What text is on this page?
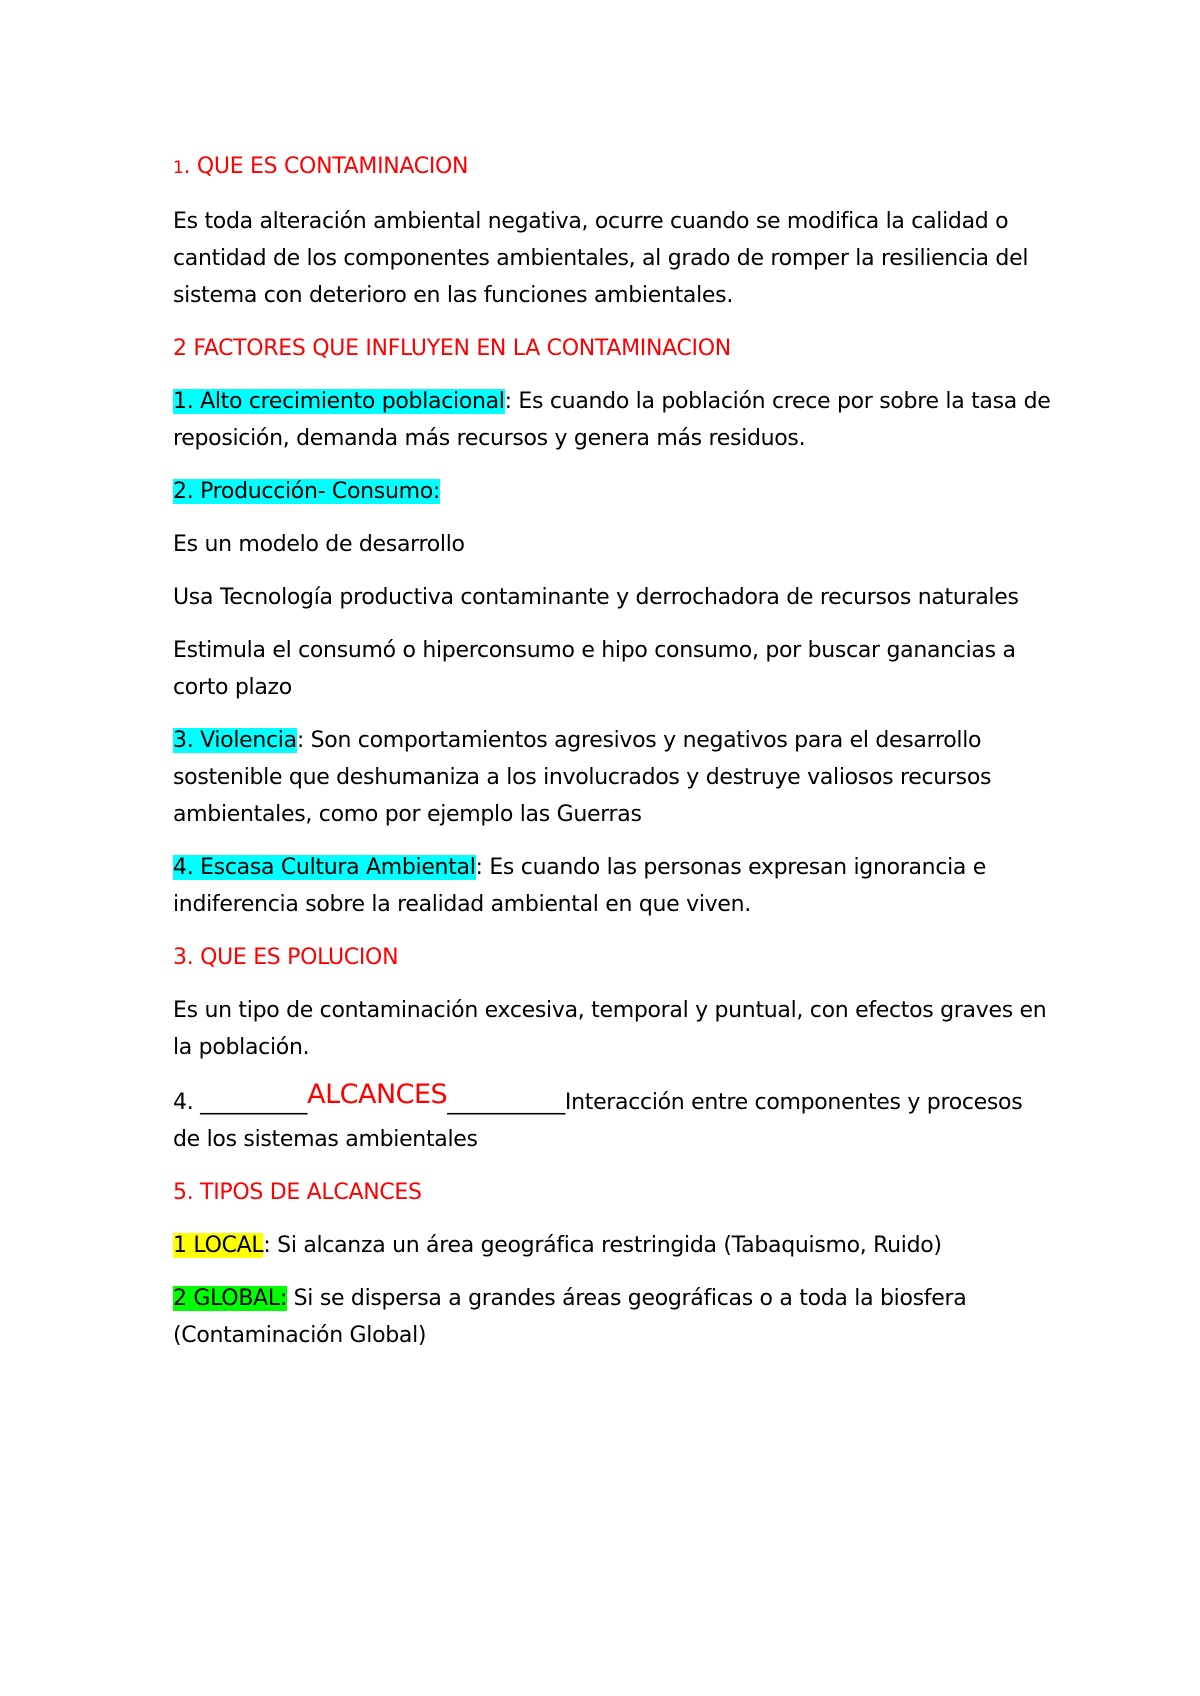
1. QUE ES CONTAMINACION

Es toda alteración ambiental negativa, ocurre cuando se modifica la calidad o cantidad de los componentes ambientales, al grado de romper la resiliencia del sistema con deterioro en las funciones ambientales.

2 FACTORES QUE INFLUYEN EN LA CONTAMINACION

1. Alto crecimiento poblacional: Es cuando la población crece por sobre la tasa de reposición, demanda más recursos y genera más residuos.

2. Producción- Consumo:

Es un modelo de desarrollo

Usa Tecnología productiva contaminante y derrochadora de recursos naturales

Estimula el consumó o hiperconsumo e hipo consumo, por buscar ganancias a corto plazo

3. Violencia: Son comportamientos agresivos y negativos para el desarrollo sostenible que deshumaniza a los involucrados y destruye valiosos recursos ambientales, como por ejemplo las Guerras

4. Escasa Cultura Ambiental: Es cuando las personas expresan ignorancia e indiferencia sobre la realidad ambiental en que viven.

3. QUE ES POLUCION

Es un tipo de contaminación excesiva, temporal y puntual, con efectos graves en la población.

4. __________ALCANCES___________Interacción entre componentes y procesos de los sistemas ambientales

5. TIPOS DE ALCANCES

1 LOCAL: Si alcanza un área geográfica restringida (Tabaquismo, Ruido)

2 GLOBAL: Si se dispersa a grandes áreas geográficas o a toda la biosfera (Contaminación Global)
